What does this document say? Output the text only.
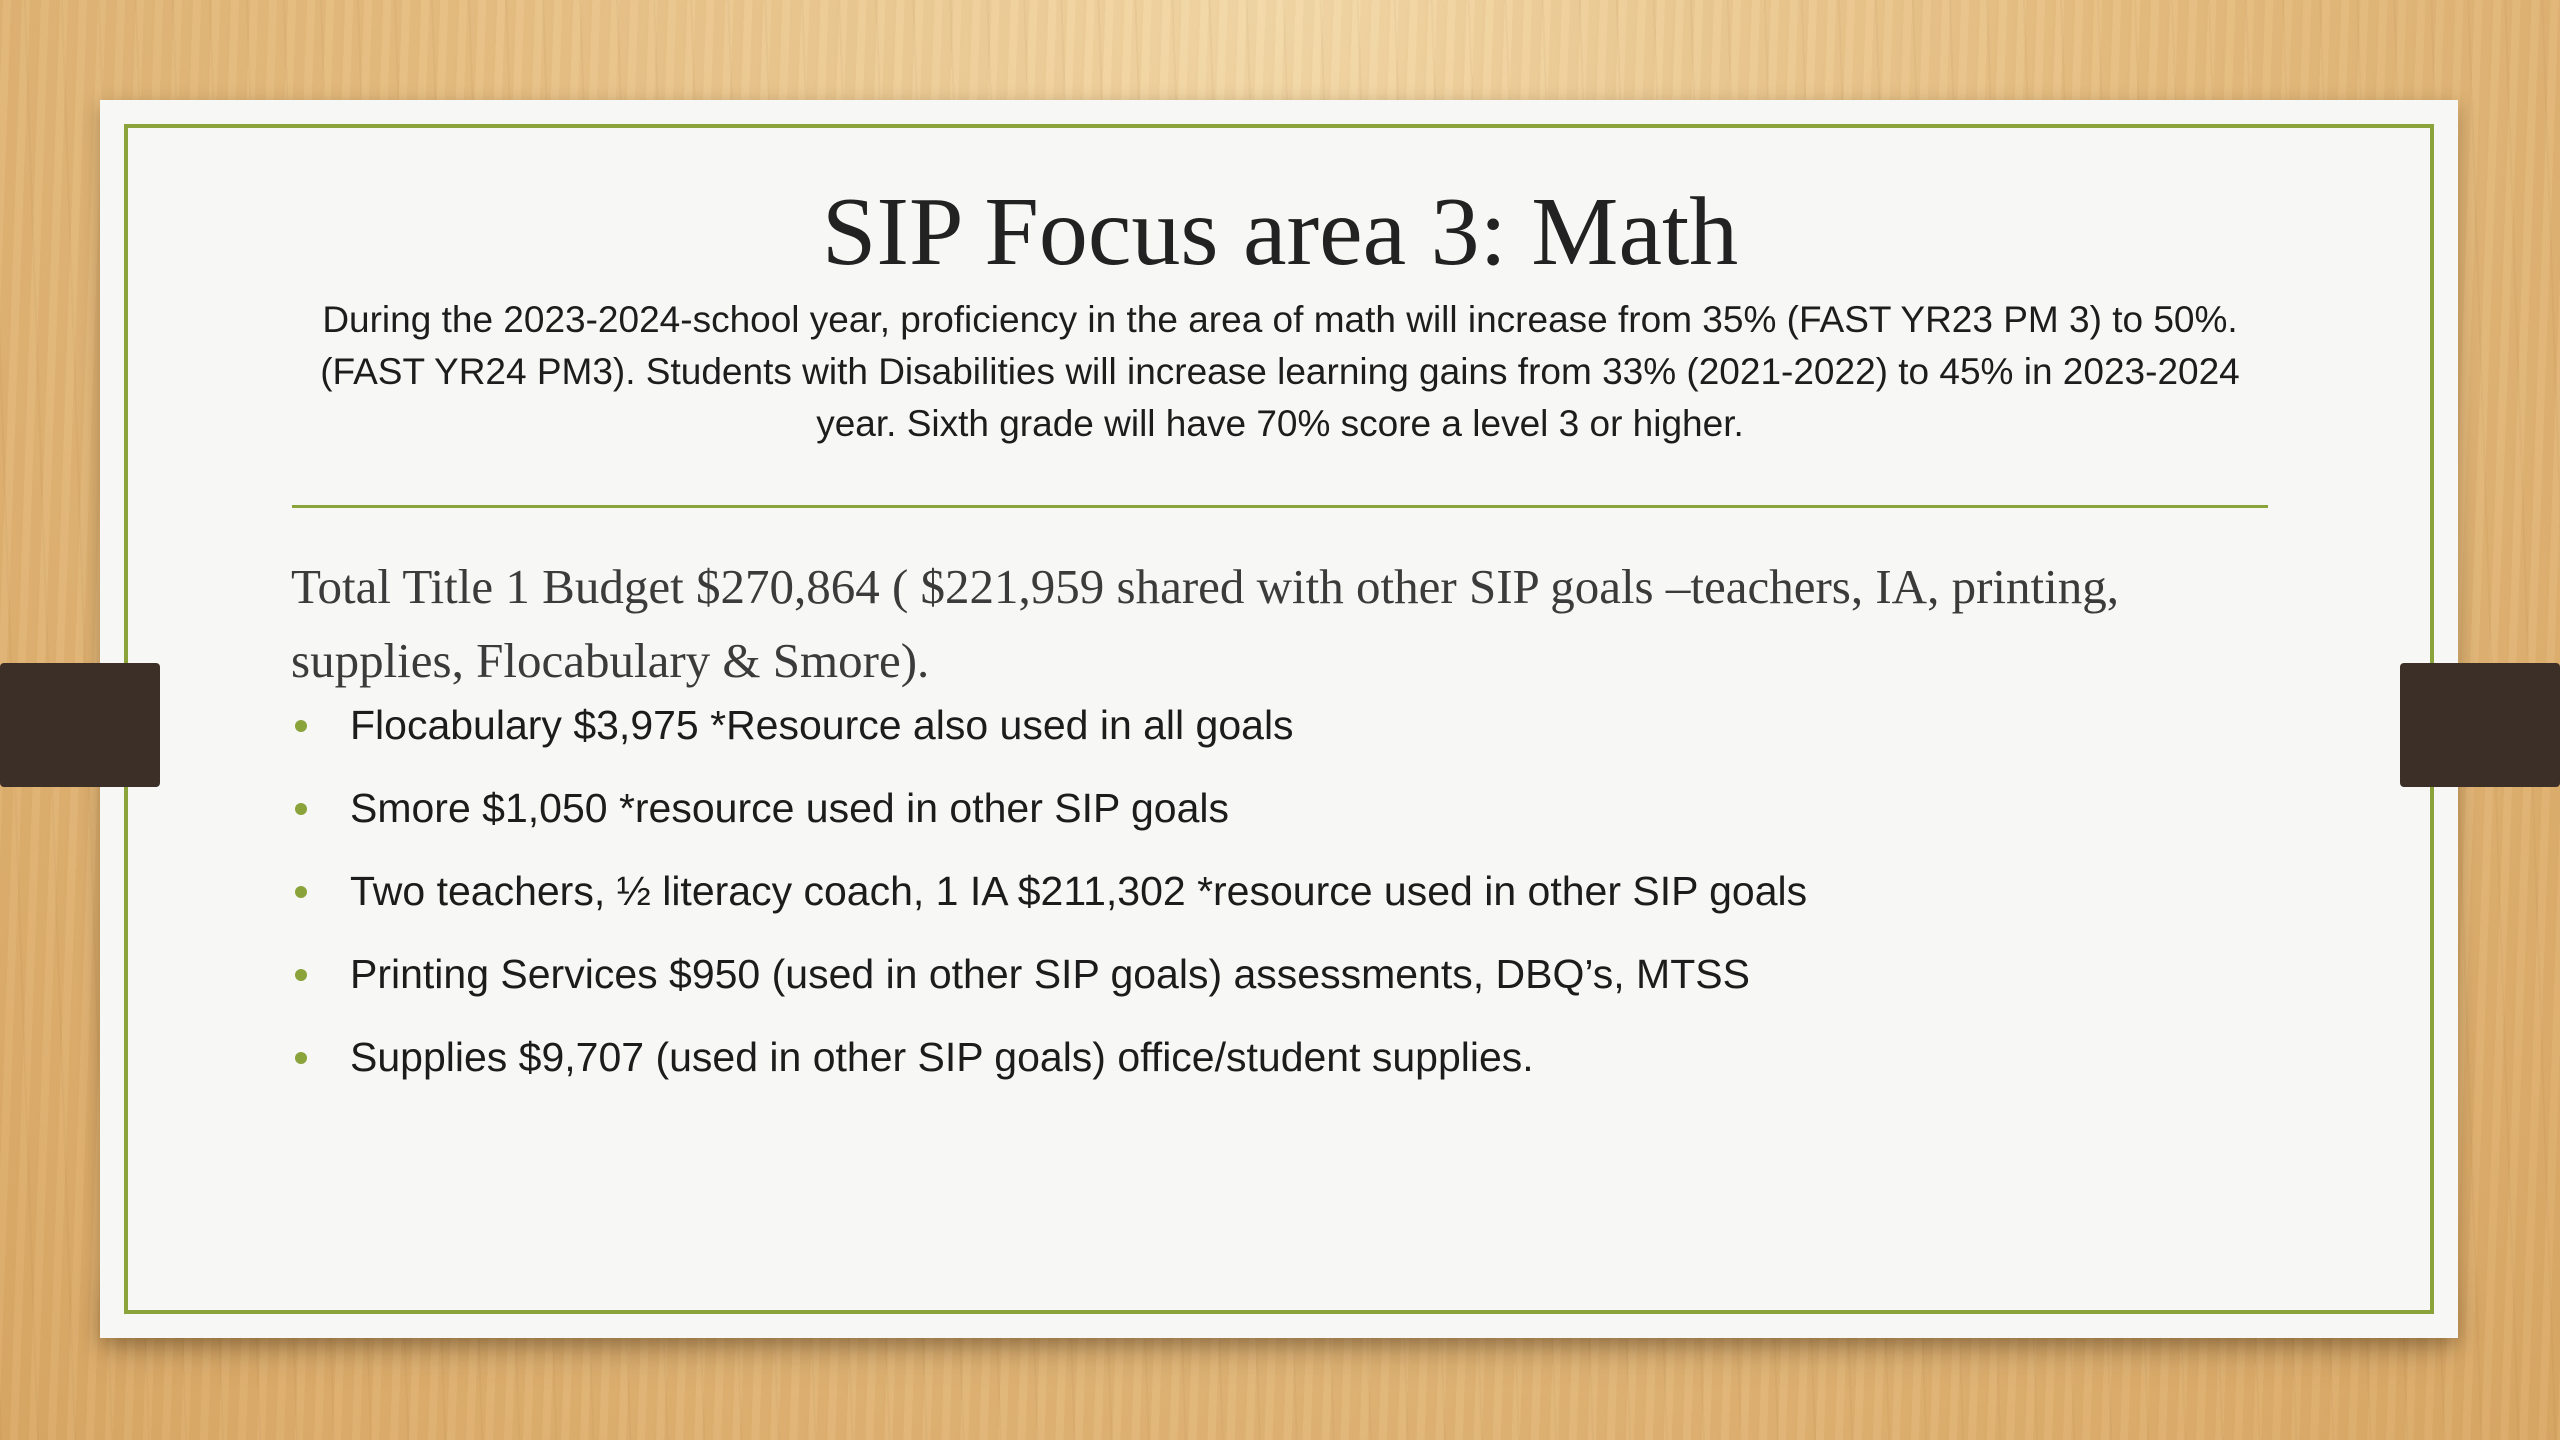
SIP Focus area 3: Math

During the 2023-2024-school year, proficiency in the area of math will increase from 35% (FAST YR23 PM 3) to 50%. (FAST YR24 PM3). Students with Disabilities will increase learning gains from 33% (2021-2022) to 45% in 2023-2024 year. Sixth grade will have 70% score a level 3 or higher.

Total Title 1 Budget $270,864 ( $221,959 shared with other SIP goals –teachers, IA, printing, supplies, Flocabulary & Smore).

Flocabulary $3,975 *Resource also used in all goals
Smore $1,050 *resource used in other SIP goals
Two teachers, ½ literacy coach, 1 IA $211,302 *resource used in other SIP goals
Printing Services $950 (used in other SIP goals) assessments, DBQ’s, MTSS
Supplies $9,707 (used in other SIP goals) office/student supplies.
